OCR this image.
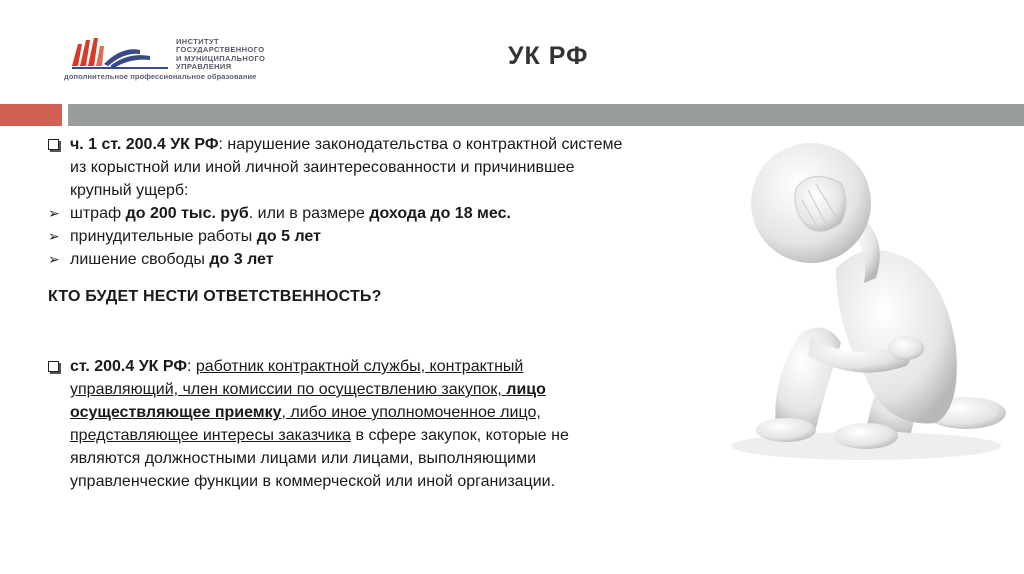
ИНСТИТУТ
ГОСУДАРСТВЕННОГО
И МУНИЦИПАЛЬНОГО
УПРАВЛЕНИЯ
дополнительное профессиональное образование
УК РФ
ч. 1 ст. 200.4 УК РФ: нарушение законодательства о контрактной системе из корыстной или иной личной заинтересованности и причинившее крупный ущерб:
➢ штраф до 200 тыс. руб. или в размере дохода до 18 мес.
➢ принудительные работы до 5 лет
➢ лишение свободы до 3 лет
КТО БУДЕТ НЕСТИ ОТВЕТСТВЕННОСТЬ?
ст. 200.4 УК РФ: работник контрактной службы, контрактный управляющий, член комиссии по осуществлению закупок, лицо осуществляющее приемку, либо иное уполномоченное лицо, представляющее интересы заказчика в сфере закупок, которые не являются должностными лицами или лицами, выполняющими управленческие функции в коммерческой или иной организации.
